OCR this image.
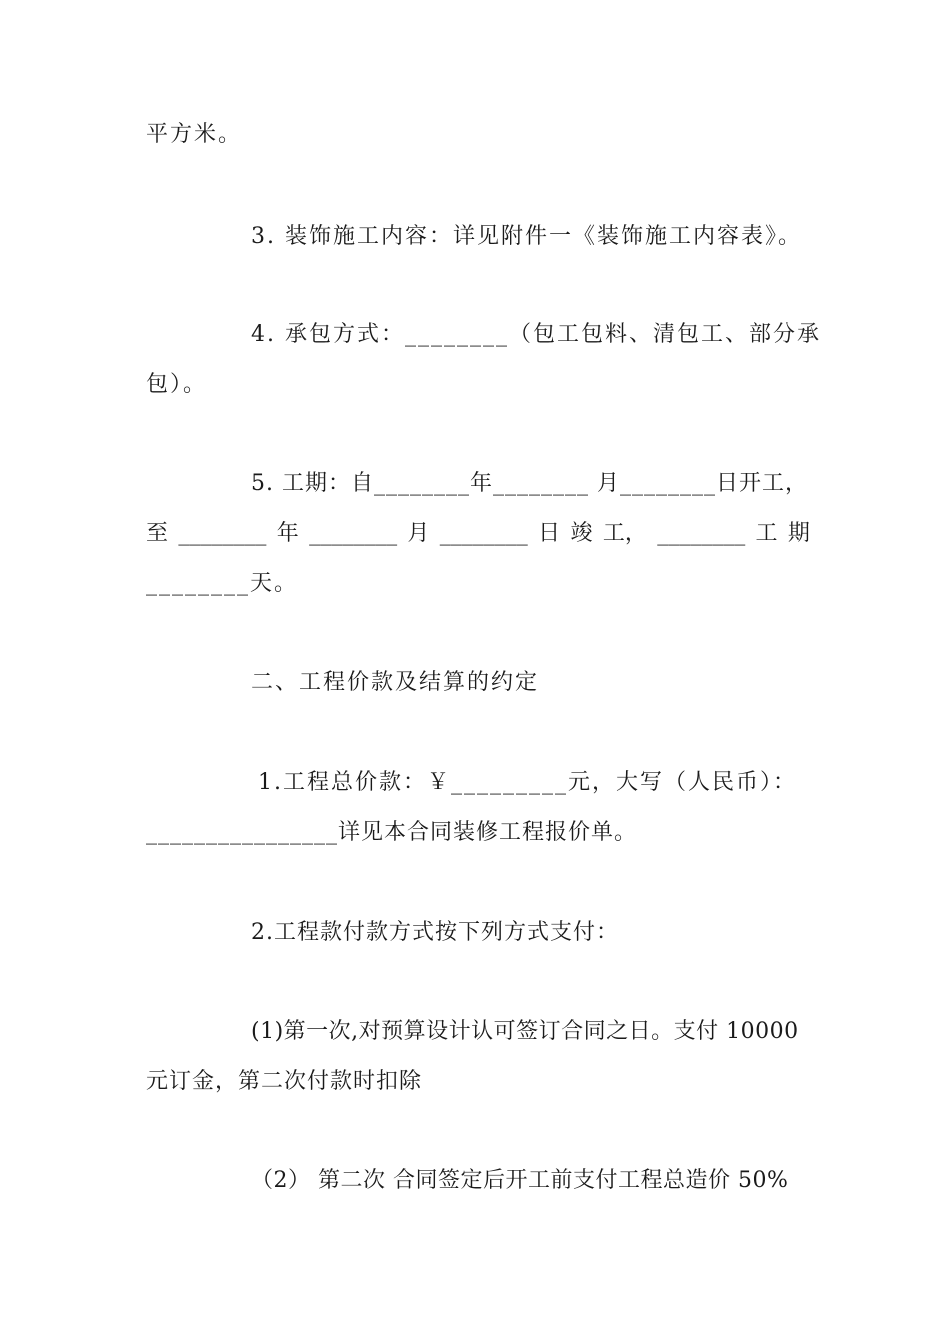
平方米。
3. 装饰施工内容：详见附件一《装饰施工内容表》。
4. 承包方式：________（包工包料、清包工、部分承
包）。
5. 工期：自________年________ 月________日开工，
至 ________ 年 ________ 月 ________ 日 竣 工， ________ 工 期
________天。
二、工程价款及结算的约定
1.工程总价款：￥_________元，大写（人民币）：
________________详见本合同装修工程报价单。
2.工程款付款方式按下列方式支付：
(1)第一次,对预算设计认可签订合同之日。支付 10000
元订金，第二次付款时扣除
（2） 第二次 合同签定后开工前支付工程总造价 50%
